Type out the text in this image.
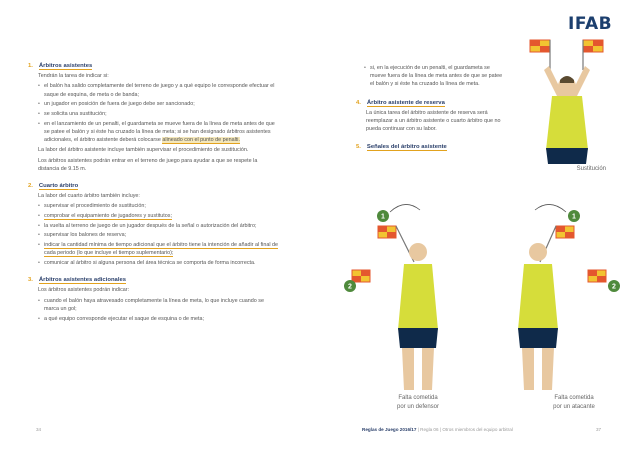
IFAB
1. Árbitros asistentes
Tendrán la tarea de indicar si:
• el balón ha salido completamente del terreno de juego y a qué equipo le corresponde efectuar el saque de esquina, de meta o de banda;
• un jugador en posición de fuera de juego debe ser sancionado;
• se solicita una sustitución;
• en el lanzamiento de un penalti, el guardameta se mueve fuera de la línea de meta antes de que se patee el balón y si éste ha cruzado la línea de meta; si se han designado árbitros asistentes adicionales, el árbitro asistente deberá colocarse alineado con el punto de penalti.
La labor del árbitro asistente incluye también supervisar el procedimiento de sustitución.
Los árbitros asistentes podrán entrar en el terreno de juego para ayudar a que se respete la distancia de 9.15 m.
2. Cuarto árbitro
La labor del cuarto árbitro también incluye:
• supervisar el procedimiento de sustitución;
• comprobar el equipamiento de jugadores y sustitutos;
• la vuelta al terreno de juego de un jugador después de la señal o autorización del árbitro;
• supervisar los balones de reserva;
• indicar la cantidad mínima de tiempo adicional que el árbitro tiene la intención de añadir al final de cada periodo (lo que incluye el tiempo suplementario);
• comunicar al árbitro si alguna persona del área técnica se comporta de forma incorrecta.
3. Árbitros asistentes adicionales
Los árbitros asistentes podrán indicar:
• cuando el balón haya atravesado completamente la línea de meta, lo que incluye cuando se marca un gol;
• a qué equipo corresponde ejecutar el saque de esquina o de meta;
• si, en la ejecución de un penalti, el guardameta se mueve fuera de la línea de meta antes de que se patee el balón y si éste ha cruzado la línea de meta.
4. Árbitro asistente de reserva
La única tarea del árbitro asistente de reserva será reemplazar a un árbitro asistente o cuarto árbitro que no pueda continuar con su labor.
5. Señales del árbitro asistente
Sustitución
1
2
Falta cometida
por un defensor
1
2
Falta cometida
por un atacante
34	Reglas de Juego 2016/17 | Regla 06 | Otros miembros del equipo arbitral	37
